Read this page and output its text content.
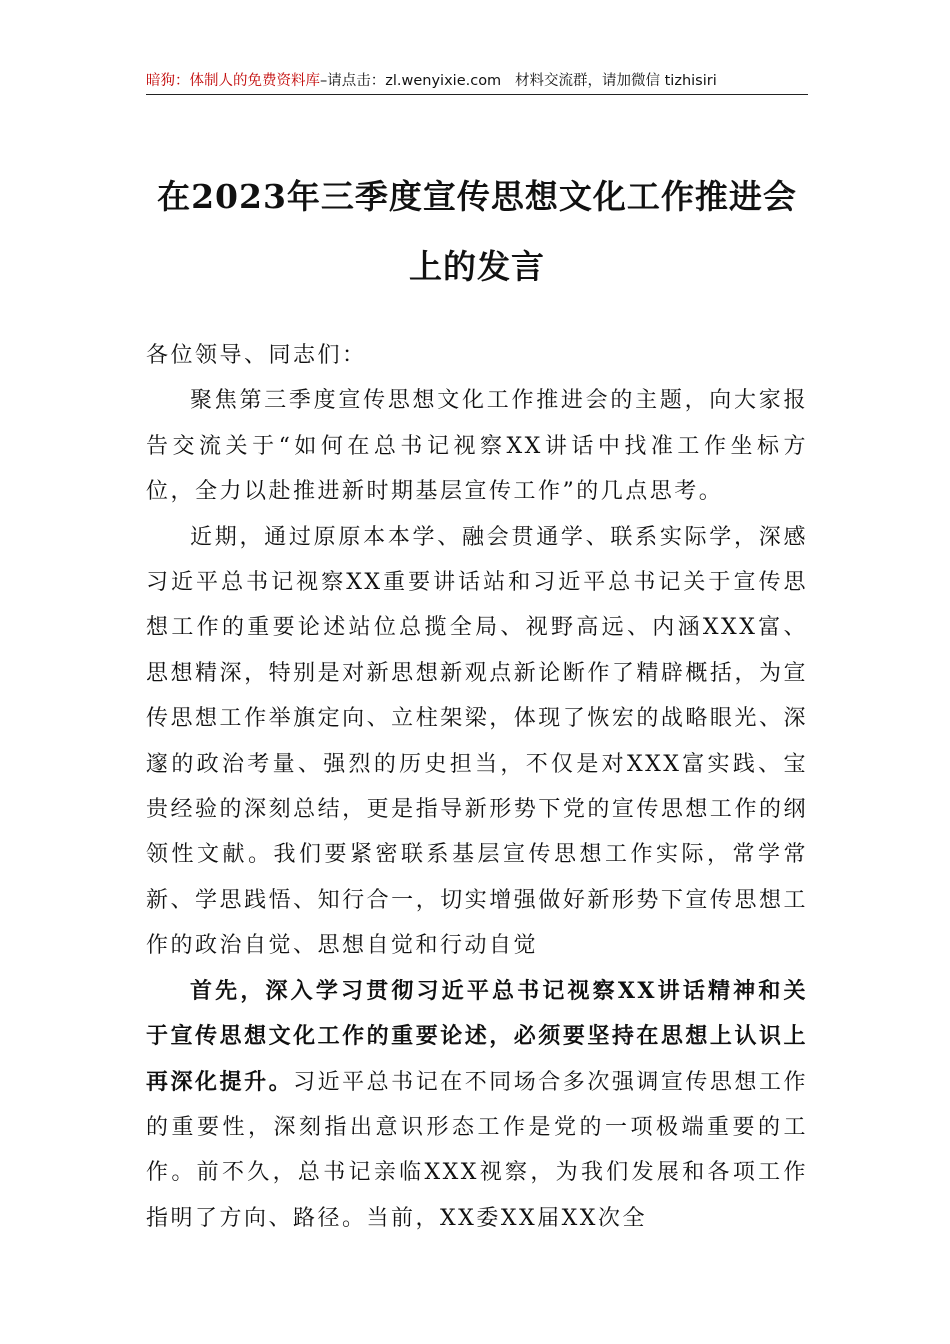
暗狗：体制人的免费资料库–请点击：zl.wenyixie.com 材料交流群，请加微信 tizhisiri
在2023年三季度宣传思想文化工作推进会
上的发言

各位领导、同志们：

聚焦第三季度宣传思想文化工作推进会的主题，向大家报告交流关于“如何在总书记视察XX讲话中找准工作坐标方位，全力以赴推进新时期基层宣传工作”的几点思考。

近期，通过原原本本学、融会贯通学、联系实际学，深感习近平总书记视察XX重要讲话站和习近平总书记关于宣传思想工作的重要论述站位总揽全局、视野高远、内涵XXX富、思想精深，特别是对新思想新观点新论断作了精辟概括，为宣传思想工作举旗定向、立柱架梁，体现了恢宏的战略眼光、深邃的政治考量、强烈的历史担当，不仅是对XXX富实践、宝贵经验的深刻总结，更是指导新形势下党的宣传思想工作的纲领性文献。我们要紧密联系基层宣传思想工作实际，常学常新、学思践悟、知行合一，切实增强做好新形势下宣传思想工作的政治自觉、思想自觉和行动自觉

首先，深入学习贯彻习近平总书记视察XX讲话精神和关于宣传思想文化工作的重要论述，必须要坚持在思想上认识上再深化提升。习近平总书记在不同场合多次强调宣传思想工作的重要性，深刻指出意识形态工作是党的一项极端重要的工作。前不久，总书记亲临XXX视察，为我们发展和各项工作指明了方向、路径。当前，XX委XX届XX次全
